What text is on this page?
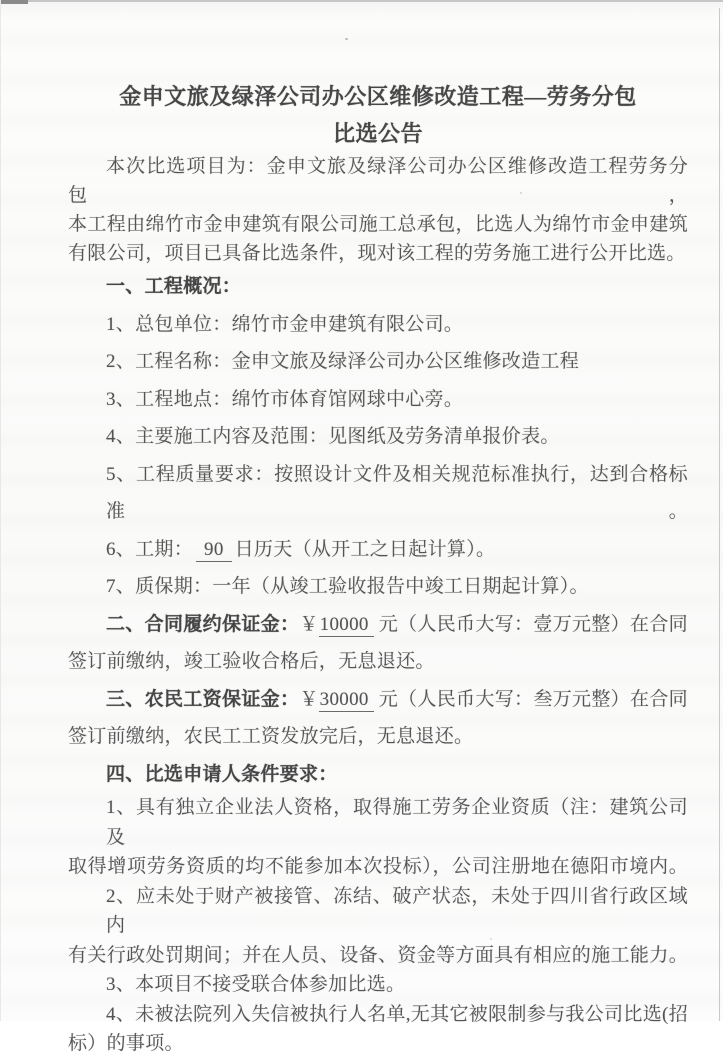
金申文旅及绿泽公司办公区维修改造工程—劳务分包
比选公告
本次比选项目为：金申文旅及绿泽公司办公区维修改造工程劳务分包，
本工程由绵竹市金申建筑有限公司施工总承包，比选人为绵竹市金申建筑
有限公司，项目已具备比选条件，现对该工程的劳务施工进行公开比选。
一、工程概况：
1、总包单位：绵竹市金申建筑有限公司。
2、工程名称：金申文旅及绿泽公司办公区维修改造工程
3、工程地点：绵竹市体育馆网球中心旁。
4、主要施工内容及范围：见图纸及劳务清单报价表。
5、工程质量要求：按照设计文件及相关规范标准执行，达到合格标准。
6、工期： 90 日历天（从开工之日起计算）。
7、质保期：一年（从竣工验收报告中竣工日期起计算）。
二、合同履约保证金：￥10000 元（人民币大写：壹万元整）在合同
签订前缴纳，竣工验收合格后，无息退还。
三、农民工资保证金：￥30000 元（人民币大写：叁万元整）在合同
签订前缴纳，农民工工资发放完后，无息退还。
四、比选申请人条件要求：
1、具有独立企业法人资格，取得施工劳务企业资质（注：建筑公司及
取得增项劳务资质的均不能参加本次投标），公司注册地在德阳市境内。
2、应未处于财产被接管、冻结、破产状态，未处于四川省行政区域内
有关行政处罚期间；并在人员、设备、资金等方面具有相应的施工能力。
3、本项目不接受联合体参加比选。
4、未被法院列入失信被执行人名单,无其它被限制参与我公司比选(招
标）的事项。
